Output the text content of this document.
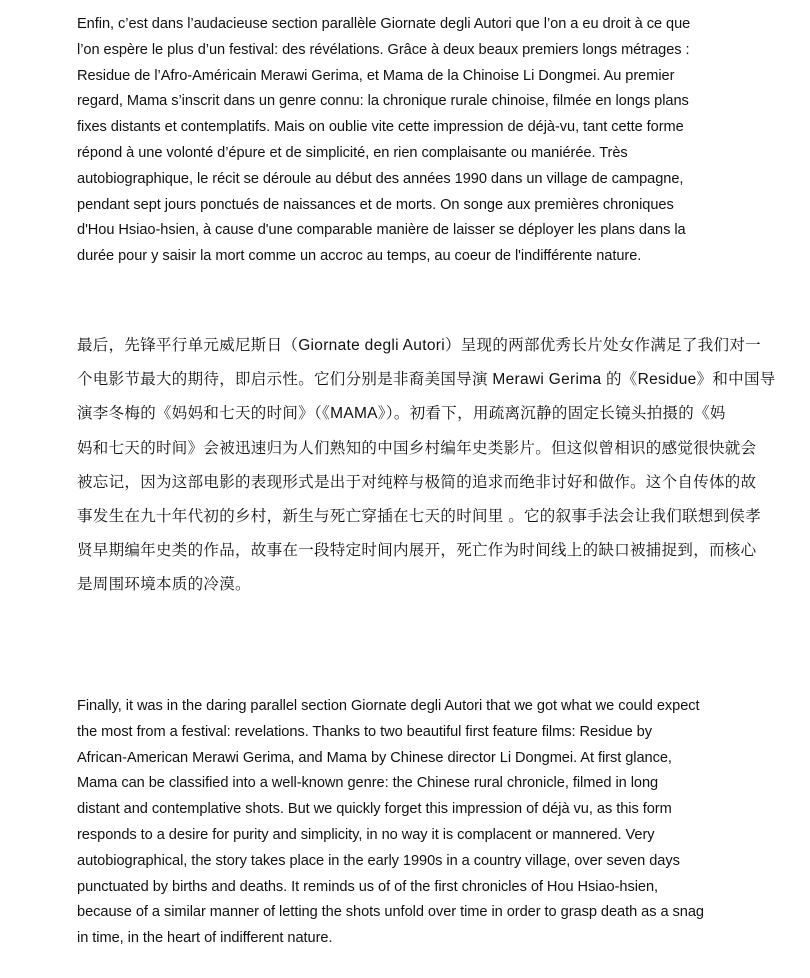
Enfin, c’est dans l’audacieuse section parallèle Giornate degli Autori que l’on a eu droit à ce que
l’on espère le plus d’un festival: des révélations. Grâce à deux beaux premiers longs métrages :
Residue de l’Afro-Américain Merawi Gerima, et Mama de la Chinoise Li Dongmei. Au premier
regard, Mama s’inscrit dans un genre connu: la chronique rurale chinoise, filmée en longs plans
fixes distants et contemplatifs. Mais on oublie vite cette impression de déjà-vu, tant cette forme
répond à une volonté d’épure et de simplicité, en rien complaisante ou maniérée. Très
autobiographique, le récit se déroule au début des années 1990 dans un village de campagne,
pendant sept jours ponctués de naissances et de morts. On songe aux premières chroniques
d'Hou Hsiao-hsien, à cause d'une comparable manière de laisser se déployer les plans dans la
durée pour y saisir la mort comme un accroc au temps, au coeur de l'indifférente nature.

最后，先锋平行单元威尼斯日（Giornate degli Autori）呈现的两部优秀长片处女作满足了我们对一
个电影节最大的期待，即启示性。它们分别是非裔美国导演 Merawi Gerima 的《Residue》和中国导
演李冬梅的《妈妈和七天的时间》（《MAMA》）。初看下，用疏离沉静的固定长镜头拍摄的《妈
妈和七天的时间》会被迅速归为人们熟知的中国乡村编年史类影片。但这似曾相识的感觉很快就会
被忘记，因为这部电影的表现形式是出于对纯粹与极简的追求而绝非讨好和做作。这个自传体的故
事发生在九十年代初的乡村，新生与死亡穿插在七天的时间里 。它的叙事手法会让我们联想到侯孝
贤早期编年史类的作品，故事在一段特定时间内展开，死亡作为时间线上的缺口被捕捉到，而核心
是周围环境本质的冷漠。

Finally, it was in the daring parallel section Giornate degli Autori that we got what we could expect
the most from a festival: revelations. Thanks to two beautiful first feature films: Residue by
African-American Merawi Gerima, and Mama by Chinese director Li Dongmei. At first glance,
Mama can be classified into a well-known genre: the Chinese rural chronicle, filmed in long
distant and contemplative shots. But we quickly forget this impression of déjà vu, as this form
responds to a desire for purity and simplicity, in no way it is complacent or mannered. Very
autobiographical, the story takes place in the early 1990s in a country village, over seven days
punctuated by births and deaths. It reminds us of of the first chronicles of Hou Hsiao-hsien,
because of a similar manner of letting the shots unfold over time in order to grasp death as a snag
in time, in the heart of indifferent nature.
